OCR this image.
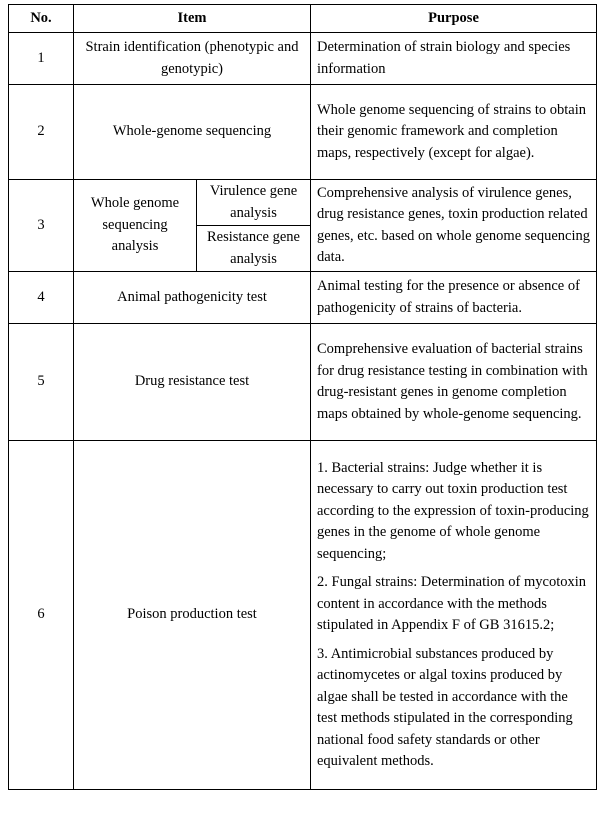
No.	Item		Purpose
1	Strain identification (phenotypic and genotypic)		Determination of strain biology and species information
2	Whole-genome sequencing		Whole genome sequencing of strains to obtain their genomic framework and completion maps, respectively (except for algae).
3	Whole genome sequencing analysis	Virulence gene analysis	Comprehensive analysis of virulence genes, drug resistance genes, toxin production related genes, etc. based on whole genome sequencing data.
		Resistance gene analysis	
4	Animal pathogenicity test		Animal testing for the presence or absence of pathogenicity of strains of bacteria.
5	Drug resistance test		Comprehensive evaluation of bacterial strains for drug resistance testing in combination with drug-resistant genes in genome completion maps obtained by whole-genome sequencing.
6	Poison production test		1. Bacterial strains: Judge whether it is necessary to carry out toxin production test according to the expression of toxin-producing genes in the genome of whole genome sequencing;

2. Fungal strains: Determination of mycotoxin content in accordance with the methods stipulated in Appendix F of GB 31615.2;

3. Antimicrobial substances produced by actinomycetes or algal toxins produced by algae shall be tested in accordance with the test methods stipulated in the corresponding national food safety standards or other equivalent methods.
